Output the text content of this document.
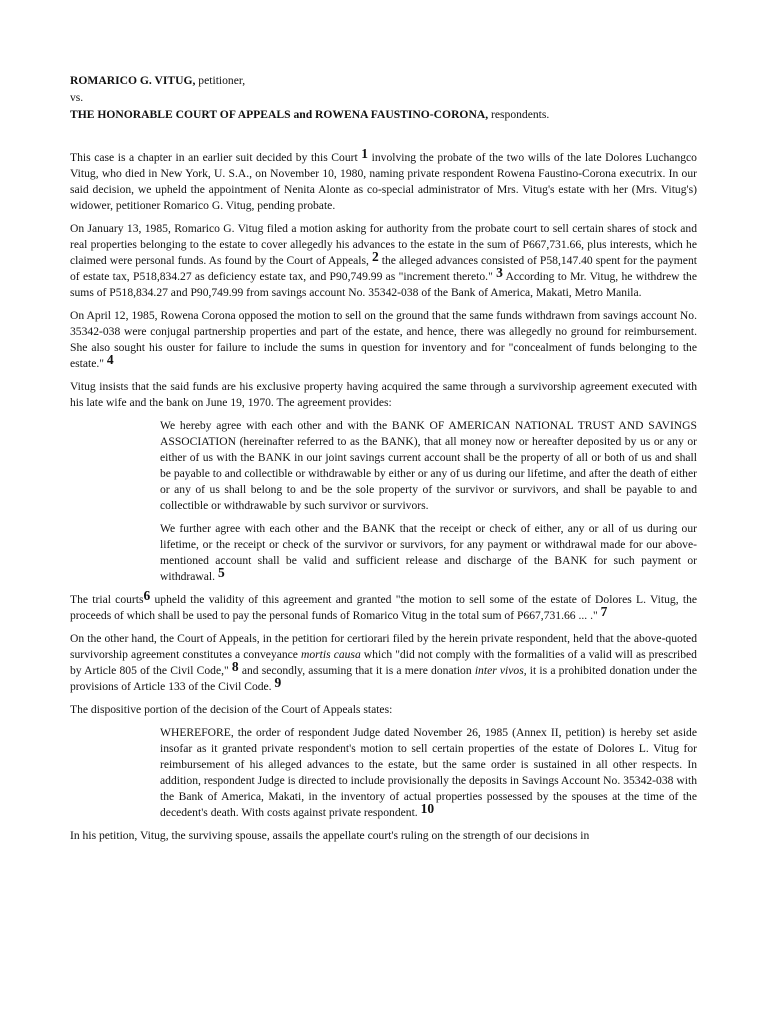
ROMARICO G. VITUG, petitioner,
vs.
THE HONORABLE COURT OF APPEALS and ROWENA FAUSTINO-CORONA, respondents.

This case is a chapter in an earlier suit decided by this Court 1 involving the probate of the two wills of the late Dolores Luchangco Vitug, who died in New York, U. S.A., on November 10, 1980, naming private respondent Rowena Faustino-Corona executrix. In our said decision, we upheld the appointment of Nenita Alonte as co-special administrator of Mrs. Vitug's estate with her (Mrs. Vitug's) widower, petitioner Romarico G. Vitug, pending probate.

On January 13, 1985, Romarico G. Vitug filed a motion asking for authority from the probate court to sell certain shares of stock and real properties belonging to the estate to cover allegedly his advances to the estate in the sum of P667,731.66, plus interests, which he claimed were personal funds. As found by the Court of Appeals, 2 the alleged advances consisted of P58,147.40 spent for the payment of estate tax, P518,834.27 as deficiency estate tax, and P90,749.99 as "increment thereto." 3 According to Mr. Vitug, he withdrew the sums of P518,834.27 and P90,749.99 from savings account No. 35342-038 of the Bank of America, Makati, Metro Manila.

On April 12, 1985, Rowena Corona opposed the motion to sell on the ground that the same funds withdrawn from savings account No. 35342-038 were conjugal partnership properties and part of the estate, and hence, there was allegedly no ground for reimbursement. She also sought his ouster for failure to include the sums in question for inventory and for "concealment of funds belonging to the estate." 4

Vitug insists that the said funds are his exclusive property having acquired the same through a survivorship agreement executed with his late wife and the bank on June 19, 1970. The agreement provides:

We hereby agree with each other and with the BANK OF AMERICAN NATIONAL TRUST AND SAVINGS ASSOCIATION (hereinafter referred to as the BANK), that all money now or hereafter deposited by us or any or either of us with the BANK in our joint savings current account shall be the property of all or both of us and shall be payable to and collectible or withdrawable by either or any of us during our lifetime, and after the death of either or any of us shall belong to and be the sole property of the survivor or survivors, and shall be payable to and collectible or withdrawable by such survivor or survivors.
We further agree with each other and the BANK that the receipt or check of either, any or all of us during our lifetime, or the receipt or check of the survivor or survivors, for any payment or withdrawal made for our above-mentioned account shall be valid and sufficient release and discharge of the BANK for such payment or withdrawal. 5

The trial courts6 upheld the validity of this agreement and granted "the motion to sell some of the estate of Dolores L. Vitug, the proceeds of which shall be used to pay the personal funds of Romarico Vitug in the total sum of P667,731.66 ... ." 7

On the other hand, the Court of Appeals, in the petition for certiorari filed by the herein private respondent, held that the above-quoted survivorship agreement constitutes a conveyance mortis causa which "did not comply with the formalities of a valid will as prescribed by Article 805 of the Civil Code," 8 and secondly, assuming that it is a mere donation inter vivos, it is a prohibited donation under the provisions of Article 133 of the Civil Code. 9

The dispositive portion of the decision of the Court of Appeals states:

WHEREFORE, the order of respondent Judge dated November 26, 1985 (Annex II, petition) is hereby set aside insofar as it granted private respondent's motion to sell certain properties of the estate of Dolores L. Vitug for reimbursement of his alleged advances to the estate, but the same order is sustained in all other respects. In addition, respondent Judge is directed to include provisionally the deposits in Savings Account No. 35342-038 with the Bank of America, Makati, in the inventory of actual properties possessed by the spouses at the time of the decedent's death. With costs against private respondent. 10

In his petition, Vitug, the surviving spouse, assails the appellate court's ruling on the strength of our decisions in
